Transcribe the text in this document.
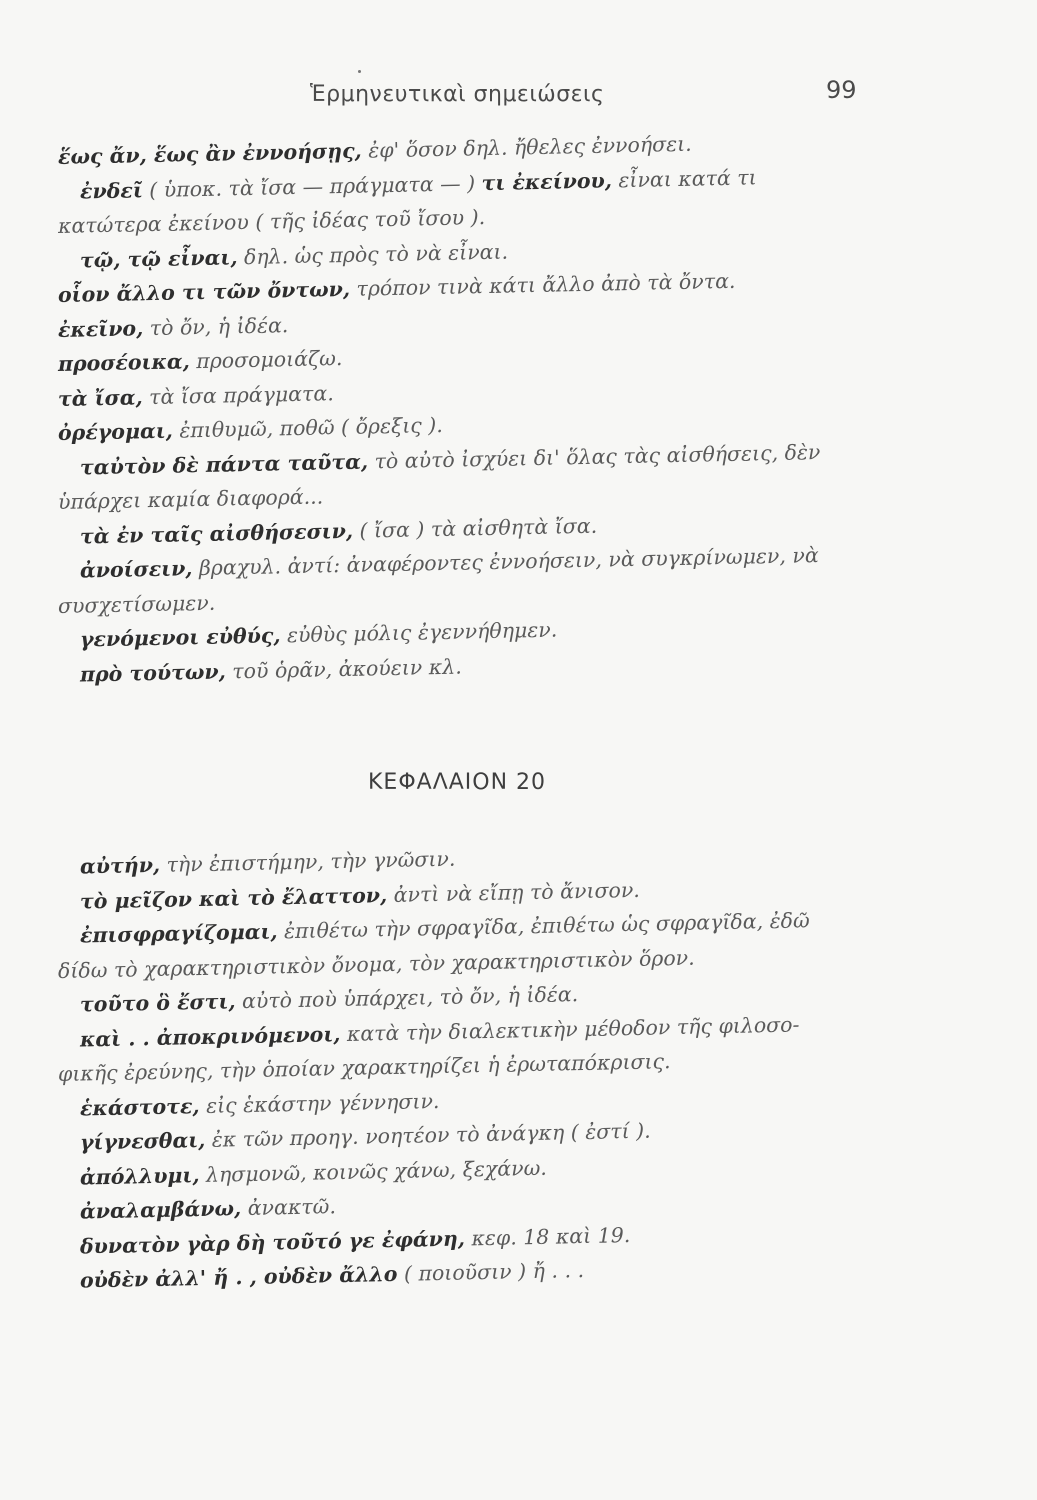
Ἑρμηνευτικαὶ σημειώσεις	99
ἕως ἄν, ἕως ἂν ἐννοήσῃς, ἐφ' ὅσον δηλ. ἤθελες ἐννοήσει.
ἐνδεῖ ( ὑποκ. τὰ ἴσα — πράγματα — ) τι ἐκείνου, εἶναι κατά τι
κατώτερα ἐκείνου ( τῆς ἰδέας τοῦ ἴσου ).
τῷ, τῷ εἶναι, δηλ. ὡς πρὸς τὸ νὰ εἶναι.
οἷον ἄλλο τι τῶν ὄντων, τρόπον τινὰ κάτι ἄλλο ἀπὸ τὰ ὄντα.
ἐκεῖνο, τὸ ὄν, ἡ ἰδέα.
προσέοικα, προσομοιάζω.
τὰ ἴσα, τὰ ἴσα πράγματα.
ὀρέγομαι, ἐπιθυμῶ, ποθῶ ( ὄρεξις ).
ταὐτὸν δὲ πάντα ταῦτα, τὸ αὐτὸ ἰσχύει δι' ὅλας τὰς αἰσθήσεις, δὲν
ὑπάρχει καμία διαφορά...
τὰ ἐν ταῖς αἰσθήσεσιν, ( ἴσα ) τὰ αἰσθητὰ ἴσα.
ἀνοίσειν, βραχυλ. ἀντί: ἀναφέροντες ἐννοήσειν, νὰ συγκρίνωμεν, νὰ
συσχετίσωμεν.
γενόμενοι εὐθύς, εὐθὺς μόλις ἐγεννήθημεν.
πρὸ τούτων, τοῦ ὁρᾶν, ἀκούειν κλ.
ΚΕΦΑΛΑΙΟΝ 20
αὐτήν, τὴν ἐπιστήμην, τὴν γνῶσιν.
τὸ μεῖζον καὶ τὸ ἔλαττον, ἀντὶ νὰ εἴπῃ τὸ ἄνισον.
ἐπισφραγίζομαι, ἐπιθέτω τὴν σφραγῖδα, ἐπιθέτω ὡς σφραγῖδα, ἐδῶ
δίδω τὸ χαρακτηριστικὸν ὄνομα, τὸν χαρακτηριστικὸν ὅρον.
τοῦτο ὃ ἔστι, αὐτὸ ποὺ ὑπάρχει, τὸ ὄν, ἡ ἰδέα.
καὶ . . ἀποκρινόμενοι, κατὰ τὴν διαλεκτικὴν μέθοδον τῆς φιλοσο-
φικῆς ἐρεύνης, τὴν ὁποίαν χαρακτηρίζει ἡ ἐρωταπόκρισις.
ἑκάστοτε, εἰς ἑκάστην γέννησιν.
γίγνεσθαι, ἐκ τῶν προηγ. νοητέον τὸ ἀνάγκη ( ἐστί ).
ἀπόλλυμι, λησμονῶ, κοινῶς χάνω, ξεχάνω.
ἀναλαμβάνω, ἀνακτῶ.
δυνατὸν γὰρ δὴ τοῦτό γε ἐφάνη, κεφ. 18 καὶ 19.
οὐδὲν ἀλλ' ἤ . , οὐδὲν ἄλλο ( ποιοῦσιν ) ἤ . . .
